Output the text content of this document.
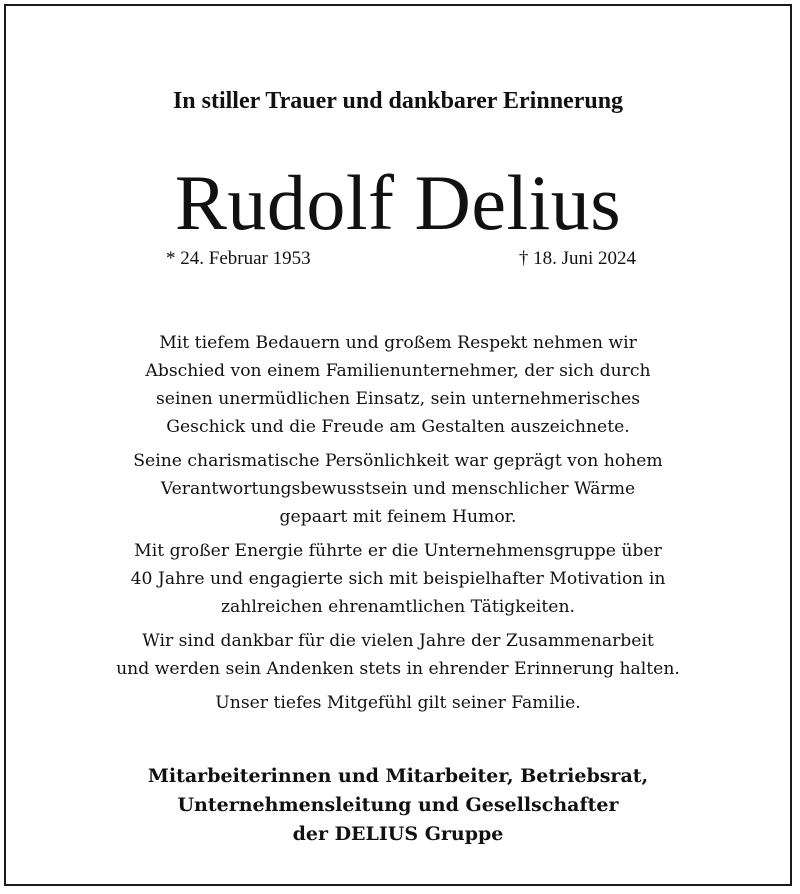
In stiller Trauer und dankbarer Erinnerung
Rudolf Delius
* 24. Februar 1953	† 18. Juni 2024

Mit tiefem Bedauern und großem Respekt nehmen wir
Abschied von einem Familienunternehmer, der sich durch
seinen unermüdlichen Einsatz, sein unternehmerisches
Geschick und die Freude am Gestalten auszeichnete.

Seine charismatische Persönlichkeit war geprägt von hohem
Verantwortungsbewusstsein und menschlicher Wärme
gepaart mit feinem Humor.

Mit großer Energie führte er die Unternehmensgruppe über
40 Jahre und engagierte sich mit beispielhafter Motivation in
zahlreichen ehrenamtlichen Tätigkeiten.

Wir sind dankbar für die vielen Jahre der Zusammenarbeit
und werden sein Andenken stets in ehrender Erinnerung halten.

Unser tiefes Mitgefühl gilt seiner Familie.

Mitarbeiterinnen und Mitarbeiter, Betriebsrat,
Unternehmensleitung und Gesellschafter
der DELIUS Gruppe
